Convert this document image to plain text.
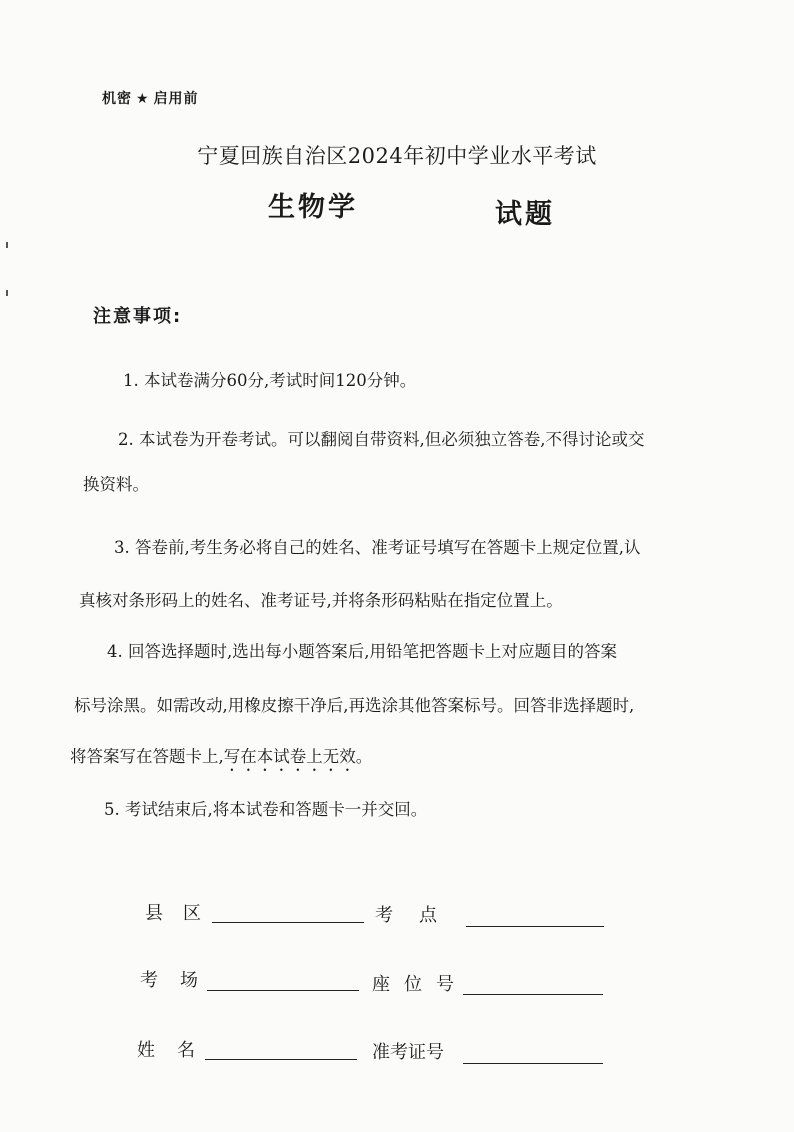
机密 ★ 启用前
宁夏回族自治区2024年初中学业水平考试
生物学	试题
注意事项:
1. 本试卷满分60分,考试时间120分钟。
2. 本试卷为开卷考试。可以翻阅自带资料,但必须独立答卷,不得讨论或交
换资料。
3. 答卷前,考生务必将自己的姓名、准考证号填写在答题卡上规定位置,认
真核对条形码上的姓名、准考证号,并将条形码粘贴在指定位置上。
4. 回答选择题时,选出每小题答案后,用铅笔把答题卡上对应题目的答案
标号涂黑。如需改动,用橡皮擦干净后,再选涂其他答案标号。回答非选择题时,
将答案写在答题卡上,写在本试卷上无效。
5. 考试结束后,将本试卷和答题卡一并交回。
县区	考点
考场	座位号
姓名	准考证号
